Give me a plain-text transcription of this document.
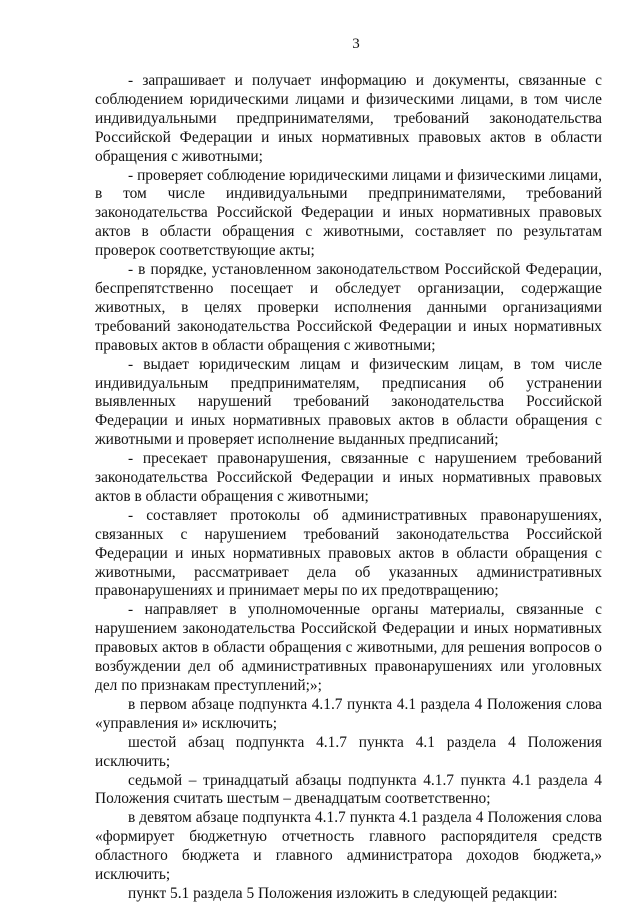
3

- запрашивает и получает информацию и документы, связанные с соблюдением юридическими лицами и физическими лицами, в том числе индивидуальными предпринимателями, требований законодательства Российской Федерации и иных нормативных правовых актов в области обращения с животными;

- проверяет соблюдение юридическими лицами и физическими лицами, в том числе индивидуальными предпринимателями, требований законодательства Российской Федерации и иных нормативных правовых актов в области обращения с животными, составляет по результатам проверок соответствующие акты;

- в порядке, установленном законодательством Российской Федерации, беспрепятственно посещает и обследует организации, содержащие животных, в целях проверки исполнения данными организациями требований законодательства Российской Федерации и иных нормативных правовых актов в области обращения с животными;

- выдает юридическим лицам и физическим лицам, в том числе индивидуальным предпринимателям, предписания об устранении выявленных нарушений требований законодательства Российской Федерации и иных нормативных правовых актов в области обращения с животными и проверяет исполнение выданных предписаний;

- пресекает правонарушения, связанные с нарушением требований законодательства Российской Федерации и иных нормативных правовых актов в области обращения с животными;

- составляет протоколы об административных правонарушениях, связанных с нарушением требований законодательства Российской Федерации и иных нормативных правовых актов в области обращения с животными, рассматривает дела об указанных административных правонарушениях и принимает меры по их предотвращению;

- направляет в уполномоченные органы материалы, связанные с нарушением законодательства Российской Федерации и иных нормативных правовых актов в области обращения с животными, для решения вопросов о возбуждении дел об административных правонарушениях или уголовных дел по признакам преступлений;»;

в первом абзаце подпункта 4.1.7 пункта 4.1 раздела 4 Положения слова «управления и» исключить;

шестой абзац подпункта 4.1.7 пункта 4.1 раздела 4 Положения исключить;

седьмой – тринадцатый абзацы подпункта 4.1.7 пункта 4.1 раздела 4 Положения считать шестым – двенадцатым соответственно;

в девятом абзаце подпункта 4.1.7 пункта 4.1 раздела 4 Положения слова «формирует бюджетную отчетность главного распорядителя средств областного бюджета и главного администратора доходов бюджета,» исключить;

пункт 5.1 раздела 5 Положения изложить в следующей редакции:
